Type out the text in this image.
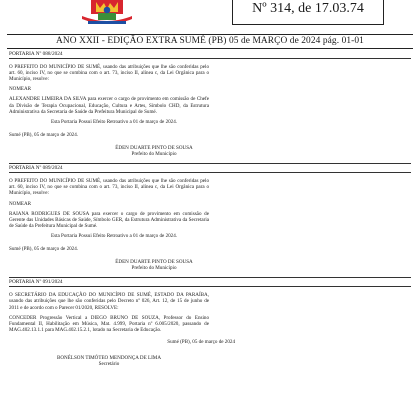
Nº 314, de 17.03.74
ANO XXII - EDIÇÃO EXTRA SUMÉ (PB) 05 de MARÇO de 2024 pág. 01-01
PORTARIA Nº 088/2024
O PREFEITO DO MUNICÍPIO DE SUMÉ, usando das atribuições que lhe são conferidas pelo art. 60, inciso IV, no que se combina com o art. 73, inciso II, alínea c, da Lei Orgânica para o Município, resolve:
NOMEAR
ALEXANDRE LIMEIRA DA SILVA para exercer o cargo de provimento em comissão de Chefe da Divisão de Terapia Ocupacional, Educação, Cultura e Artes, Símbolo CHD, da Estrutura Administrativa da Secretaria de Saúde da Prefeitura Municipal de Sumé.
Esta Portaria Possui Efeito Retroativo a 01 de março de 2024.
Sumé (PB), 05 de março de 2024.
ÉDEN DUARTE PINTO DE SOUSA
Prefeito do Município
PORTARIA Nº 089/2024
O PREFEITO DO MUNICÍPIO DE SUMÉ, usando das atribuições que lhe são conferidas pelo art. 60, inciso IV, no que se combina com o art. 73, inciso II, alínea c, da Lei Orgânica para o Município, resolve:
NOMEAR
RAIANA RODRIGUES DE SOUSA para exercer o cargo de provimento em comissão de Gerente das Unidades Básicas de Saúde, Símbolo GER, da Estrutura Administrativa da Secretaria de Saúde da Prefeitura Municipal de Sumé.
Esta Portaria Possui Efeito Retroativo a 01 de março de 2024.
Sumé (PB), 05 de março de 2024.
ÉDEN DUARTE PINTO DE SOUSA
Prefeito do Município
PORTARIA Nº 091/2024
O SECRETÁRIO DA EDUCAÇÃO DO MUNICÍPIO DE SUMÉ, ESTADO DA PARAÍBA, usando das atribuições que lhe são conferidas pelo Decreto nº 026, Art. 12, de 15 de junho de 2011 e de acordo com o Parecer 01/2020, RESOLVE:
CONCEDER Progressão Vertical a DIEGO BRUNO DE SOUZA, Professor do Ensino Fundamental II, Habilitação em Música, Mat. 4.999, Portaria nº 6.005/2020, passando de MAG.402.13.1.1 para MAG.402.15.2.1, lotado na Secretaria de Educação.
Sumé (PB), 05 de março de 2024
BONÉLSON TIMÓTEO MENDONÇA DE LIMA
Secretário
